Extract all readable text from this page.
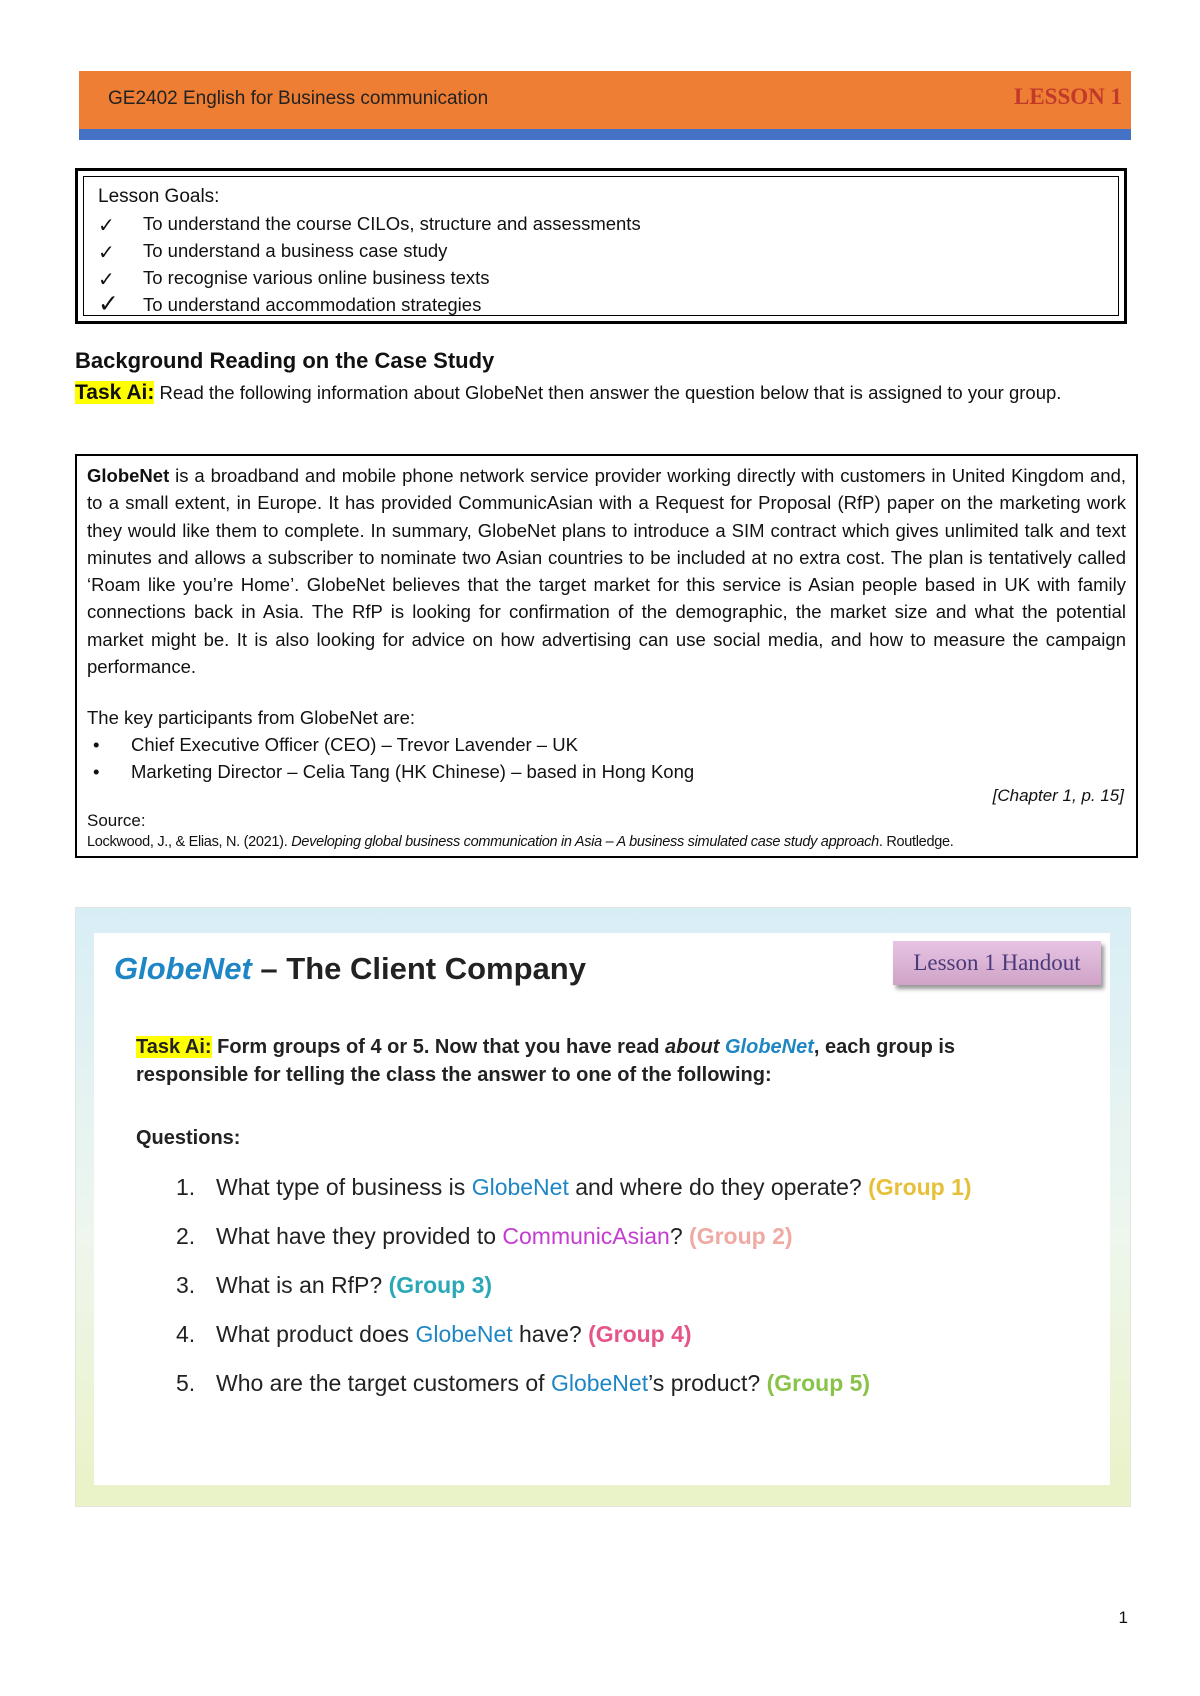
GE2402 English for Business communication	LESSON 1
Lesson Goals:
✓	To understand the course CILOs, structure and assessments
✓	To understand a business case study
✓	To recognise various online business texts
✓	To understand accommodation strategies
Background Reading on the Case Study
Task Ai: Read the following information about GlobeNet then answer the question below that is assigned to your group.
GlobeNet is a broadband and mobile phone network service provider working directly with customers in United Kingdom and, to a small extent, in Europe. It has provided CommunicAsian with a Request for Proposal (RfP) paper on the marketing work they would like them to complete. In summary, GlobeNet plans to introduce a SIM contract which gives unlimited talk and text minutes and allows a subscriber to nominate two Asian countries to be included at no extra cost. The plan is tentatively called ‘Roam like you’re Home’. GlobeNet believes that the target market for this service is Asian people based in UK with family connections back in Asia. The RfP is looking for confirmation of the demographic, the market size and what the potential market might be. It is also looking for advice on how advertising can use social media, and how to measure the campaign performance.
The key participants from GlobeNet are:
•	Chief Executive Officer (CEO) – Trevor Lavender – UK
•	Marketing Director – Celia Tang (HK Chinese) – based in Hong Kong
[Chapter 1, p. 15]
Source:
Lockwood, J., & Elias, N. (2021). Developing global business communication in Asia – A business simulated case study approach. Routledge.
GlobeNet – The Client Company	Lesson 1 Handout
Task Ai: Form groups of 4 or 5. Now that you have read about GlobeNet, each group is responsible for telling the class the answer to one of the following:
Questions:
1. What type of business is GlobeNet and where do they operate? (Group 1)
2. What have they provided to CommunicAsian? (Group 2)
3. What is an RfP? (Group 3)
4. What product does GlobeNet have? (Group 4)
5. Who are the target customers of GlobeNet’s product? (Group 5)
1
